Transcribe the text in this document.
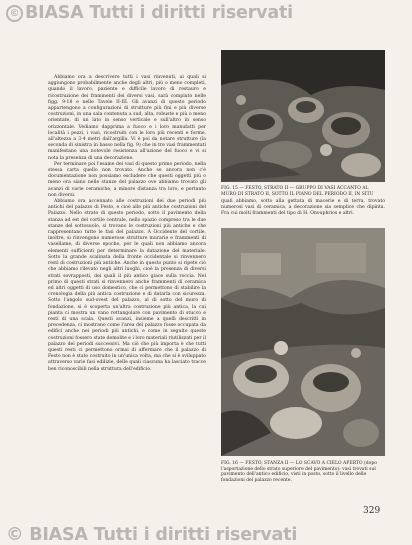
© BIASA Tutti i diritti riservati

Abbiamo ora a descrivere tutti i vasi rinvenuti, ai quali si aggiungono probabilmente anche degli altri, più o meno completi, quando il lavoro, paziente e difficile lavoro di restauro e ricostruzione dei frammenti dei diversi vasi, sarà compiuto nelle figg. 9-18 e nelle Tavole II-III. Gli avanzi di questo periodo appartengono a configurazioni di strutture più fini e più diverse costruzioni, in una sala contenuta a sud, alta, robuste e più o meno orientate, di un lato in senso verticale e sull'altro in senso orizzontale. Vediamo dapprima a fuoco e i loro manufatti per località i pezzi, i vasi, ricostruiti con le loro più recenti e forme, all'altezza a 3-4 metri dall'argilla. Vi è poi da notare strutture (la seconda di sinistra in basso nella fig. 9) che in tre vasi frammentati manifestano una notevole resistenza all'azione del fuoco e vi si nota la presenza di una decorazione.

Per terminare poi l'esame dei vasi di questo primo periodo, nella stessa carta quello non trovato. Anche se ancora non c'è documentazione non possiamo escludere che questi oggetti più o meno ora siano nelle stanze del palazzo ove abbiamo trovato gli avanzi di varie ceramiche, a minore distanza tra loro, e pertanto non diversi.

Abbiamo ora accennato alle costruzioni dei due periodi più antichi del palazzo di Festo, e cioè alle più antiche costruzioni del Palazzo. Nello strato di questo periodo, sotto il pavimento della stanza ad est del cortile centrale, nello spazio compreso tra le due stanze del sottosuolo, si trovano le costruzioni più antiche e che rappresentano tutte le fasi del palazzo. A Occidente del cortile, inoltre, si rinvengono numerose strutture murarie e frammenti di vasellame, di diverse epoche, per le quali non abbiamo ancora elementi sufficienti per determinare la datazione del materiale. Sotto la grande scalinata della fronte occidentale si rinvennero resti di costruzioni più antiche. Anche in questo punto si ripete ciò che abbiamo rilevato negli altri luoghi, cioè la presenza di diversi strati sovrapposti, dei quali il più antico giace sulla roccia. Nel primo di questi strati si rinvennero anche frammenti di ceramica ed altri oggetti di uso domestico, che ci permettono di stabilire la cronologia della più antica costruzione e di datarla con sicurezza. Sotto l'angolo sud-ovest del palazzo, al di sotto del muro di fondazione, si è scoperta un'altra costruzione più antica, la cui pianta ci mostra un vano rettangolare con pavimento di stucco e resti di una scala. Questi avanzi, insieme a quelli descritti in precedenza, ci mostrano come l'area del palazzo fosse occupata da edifici anche nei periodi più antichi, e come in seguito queste costruzioni fossero state demolite e i loro materiali riutilizzati per il palazzo dei periodi successivi. Ma ciò che più importa è che tutti questi resti ci permettono ormai di affermare che il palazzo di Festo non è stato costruito in un'unica volta, ma che si è sviluppato attraverso varie fasi edilizie, delle quali ciascuna ha lasciato tracce ben riconoscibili nella struttura dell'edificio.

FIG. 15 — FESTO, STRATO II — GRUPPO DI VASI ACCANTO AL MURO DI STRATO II, SOTTO IL PIANO DEL PERIODO II, IN SITU

quali abbiamo, sotto alla gettata di macerie e di terra, trovato numerosi vasi di ceramica, a decorazione sia semplice che dipinta. Fra cui molti frammenti del tipo di H. Onouphrios e altri.

FIG. 16 — FESTO, STANZA II — LO SCAVO A CIELO APERTO (dopo l'asportazione dello strato superiore del pavimento): vasi trovati sul pavimento dell'antico edificio, visti in posto, sotto il livello delle fondazioni del palazzo recente.
329
© BIASA Tutti i diritti riservati
